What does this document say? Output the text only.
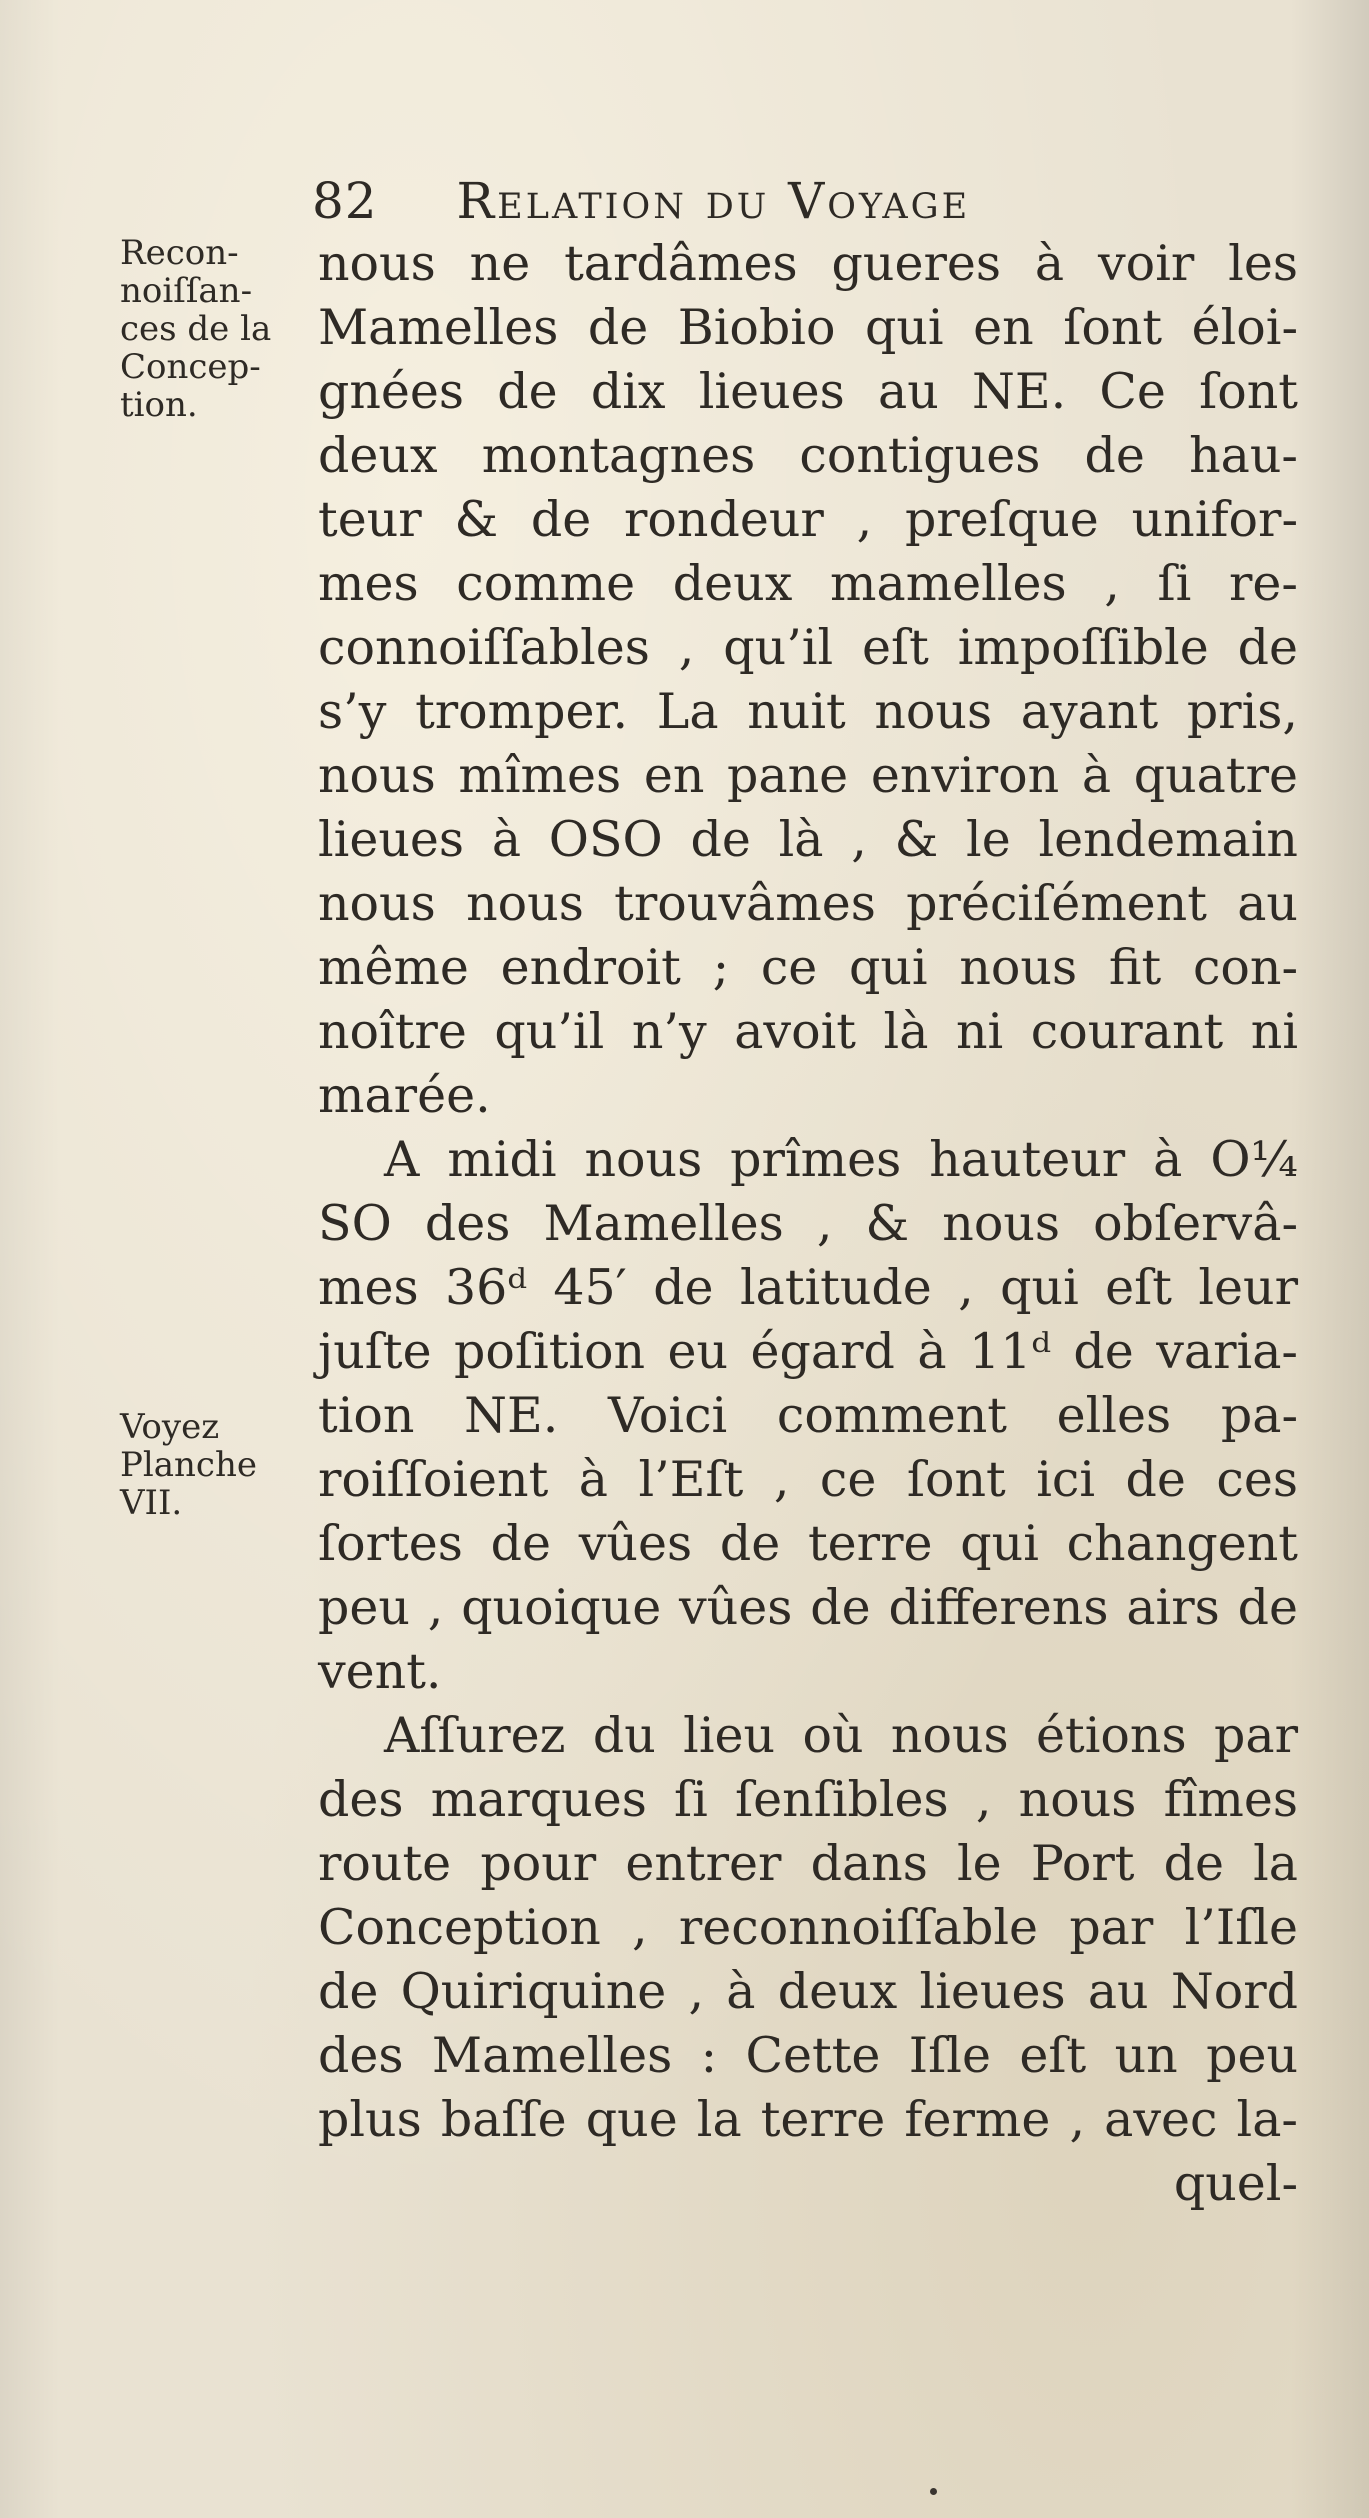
82 Relation du Voyage
Recon-
noiſſan-
ces de la
Concep-
tion.
Voyez
Planche
VII.
nous ne tardâmes gueres à voir les
Mamelles de Biobio qui en ſont éloi-
gnées de dix lieues au NE. Ce ſont
deux montagnes contigues de hau-
teur & de rondeur , preſque unifor-
mes comme deux mamelles , ſi re-
connoiſſables , qu’il eſt impoſſible de
s’y tromper. La nuit nous ayant pris,
nous mîmes en pane environ à quatre
lieues à OSO de là , & le lendemain
nous nous trouvâmes préciſément au
même endroit ; ce qui nous fit con-
noître qu’il n’y avoit là ni courant ni
marée.
A midi nous prîmes hauteur à O¼
SO des Mamelles , & nous obſervâ-
mes 36ᵈ 45′ de latitude , qui eſt leur
juſte poſition eu égard à 11ᵈ de varia-
tion NE. Voici comment elles pa-
roiſſoient à l’Eſt , ce ſont ici de ces
ſortes de vûes de terre qui changent
peu , quoique vûes de differens airs de
vent.
Aſſurez du lieu où nous étions par
des marques ſi ſenſibles , nous fîmes
route pour entrer dans le Port de la
Conception , reconnoiſſable par l’Iſle
de Quiriquine , à deux lieues au Nord
des Mamelles : Cette Iſle eſt un peu
plus baſſe que la terre ferme , avec la-
quel-
